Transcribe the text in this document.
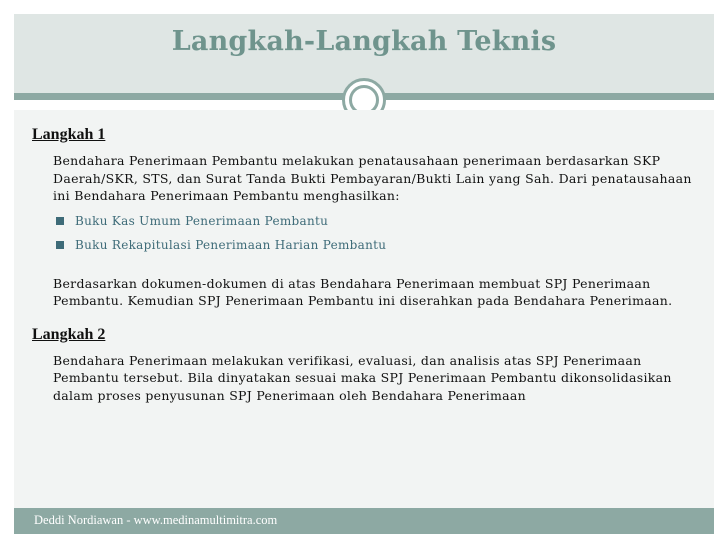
Langkah-Langkah Teknis
Langkah 1

Bendahara Penerimaan Pembantu melakukan penatausahaan penerimaan berdasarkan SKP Daerah/SKR, STS, dan Surat Tanda Bukti Pembayaran/Bukti Lain yang Sah. Dari penatausahaan ini Bendahara Penerimaan Pembantu menghasilkan:

Buku Kas Umum Penerimaan Pembantu
Buku Rekapitulasi Penerimaan Harian Pembantu

Berdasarkan dokumen-dokumen di atas Bendahara Penerimaan membuat SPJ Penerimaan Pembantu. Kemudian SPJ Penerimaan Pembantu ini diserahkan pada Bendahara Penerimaan.

Langkah 2

Bendahara Penerimaan melakukan verifikasi, evaluasi, dan analisis atas SPJ Penerimaan Pembantu tersebut. Bila dinyatakan sesuai maka SPJ Penerimaan Pembantu dikonsolidasikan dalam proses penyusunan SPJ Penerimaan oleh Bendahara Penerimaan

Deddi Nordiawan - www.medinamultimitra.com
